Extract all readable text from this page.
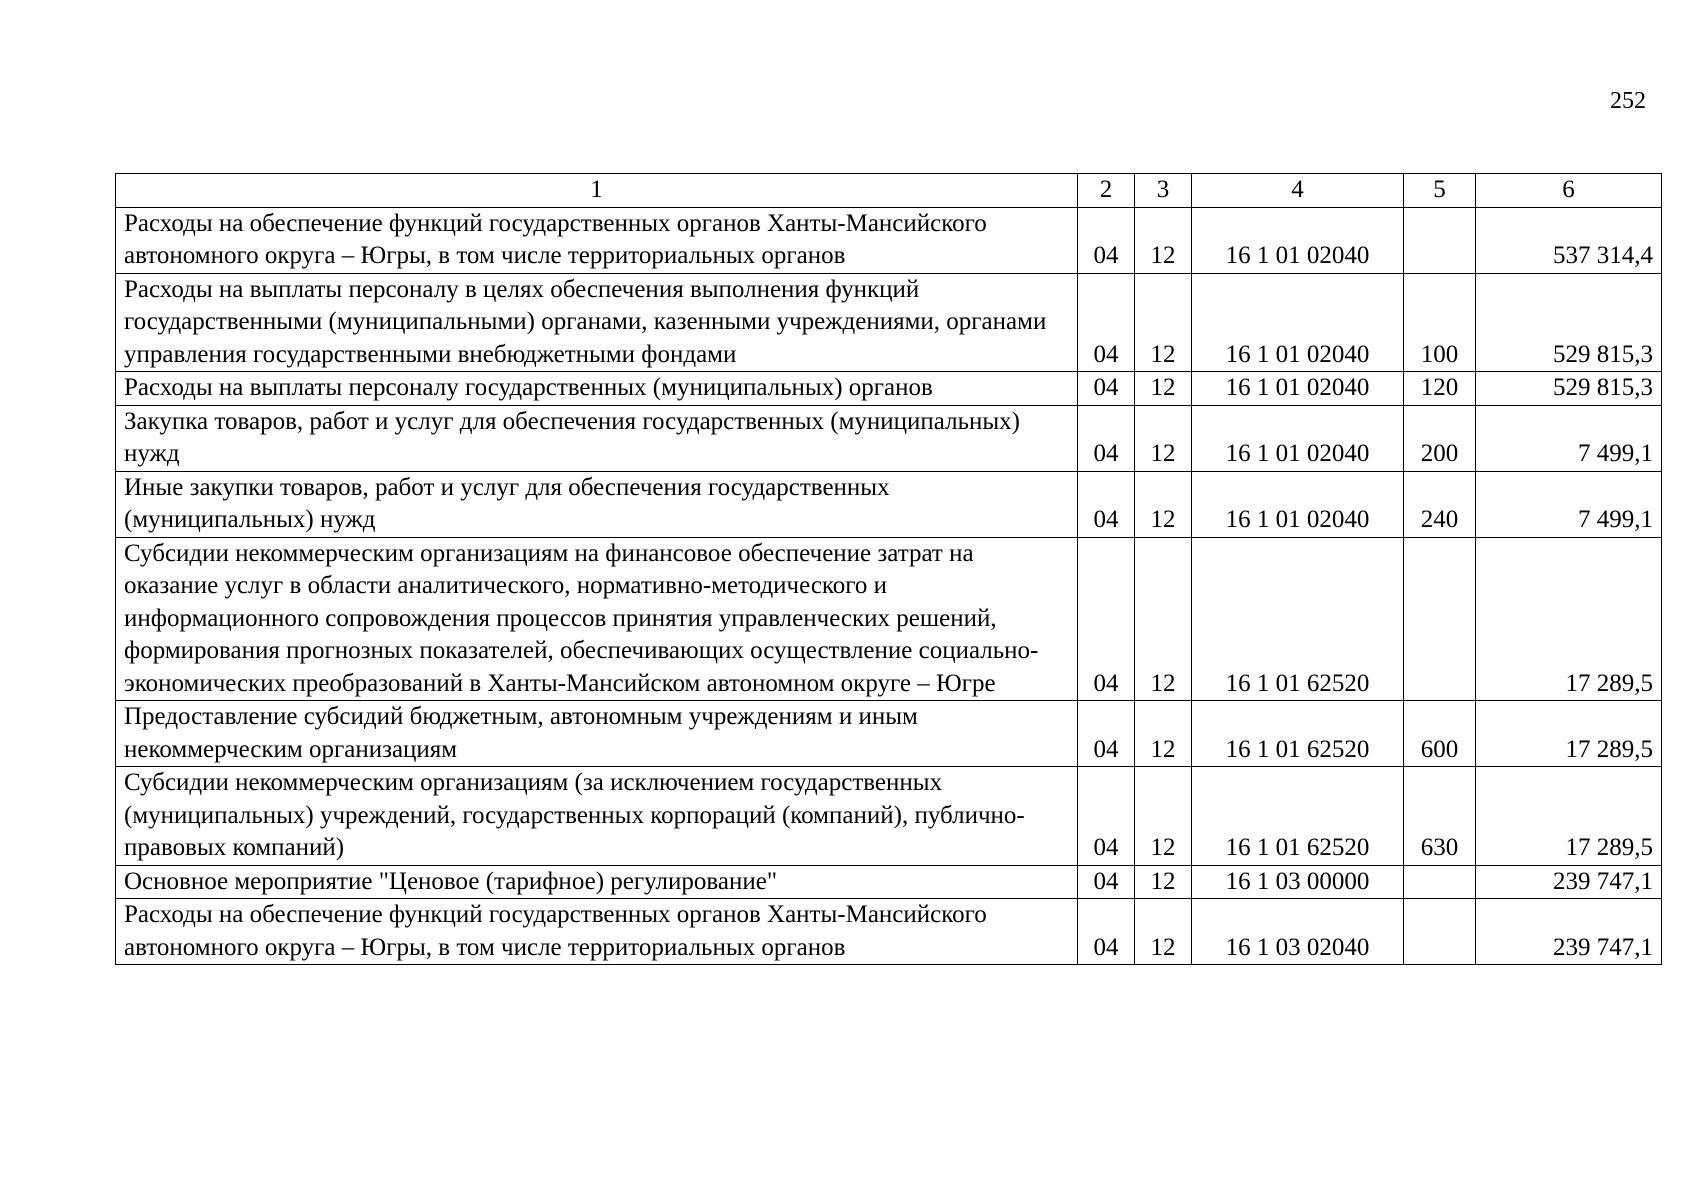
252
1	2	3	4	5	6
Расходы на обеспечение функций государственных органов Ханты-Мансийского автономного округа – Югры, в том числе территориальных органов	04	12	16 1 01 02040		537 314,4
Расходы на выплаты персоналу в целях обеспечения выполнения функций государственными (муниципальными) органами, казенными учреждениями, органами управления государственными внебюджетными фондами	04	12	16 1 01 02040	100	529 815,3
Расходы на выплаты персоналу государственных (муниципальных) органов	04	12	16 1 01 02040	120	529 815,3
Закупка товаров, работ и услуг для обеспечения государственных (муниципальных) нужд	04	12	16 1 01 02040	200	7 499,1
Иные закупки товаров, работ и услуг для обеспечения государственных (муниципальных) нужд	04	12	16 1 01 02040	240	7 499,1
Субсидии некоммерческим организациям на финансовое обеспечение затрат на оказание услуг в области аналитического, нормативно-методического и информационного сопровождения процессов принятия управленческих решений, формирования прогнозных показателей, обеспечивающих осуществление социально-экономических преобразований в Ханты-Мансийском автономном округе – Югре	04	12	16 1 01 62520		17 289,5
Предоставление субсидий бюджетным, автономным учреждениям и иным некоммерческим организациям	04	12	16 1 01 62520	600	17 289,5
Субсидии некоммерческим организациям (за исключением государственных (муниципальных) учреждений, государственных корпораций (компаний), публично-правовых компаний)	04	12	16 1 01 62520	630	17 289,5
Основное мероприятие "Ценовое (тарифное) регулирование"	04	12	16 1 03 00000		239 747,1
Расходы на обеспечение функций государственных органов Ханты-Мансийского автономного округа – Югры, в том числе территориальных органов	04	12	16 1 03 02040		239 747,1
